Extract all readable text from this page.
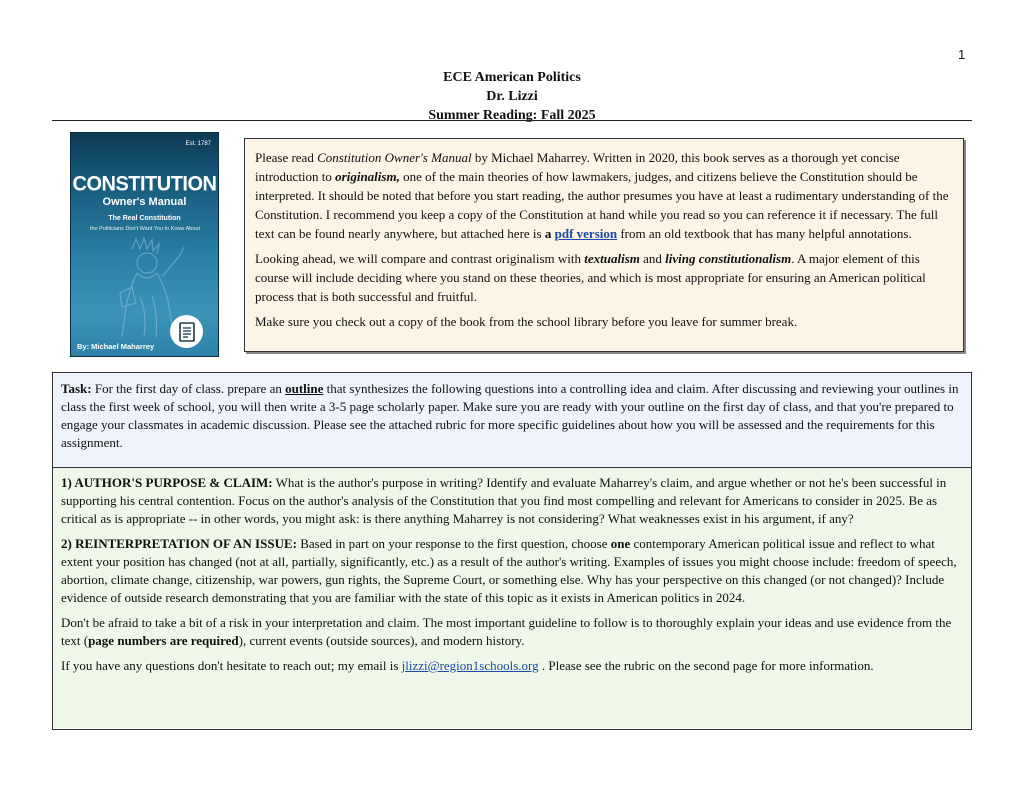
1
ECE American Politics
Dr. Lizzi
Summer Reading: Fall 2025
Est. 1787
CONSTITUTION
Owner's Manual
The Real Constitution
the Politicians Don't Want You to Know About
By: Michael Maharrey

Please read Constitution Owner's Manual by Michael Maharrey. Written in 2020, this book serves as a thorough yet concise introduction to originalism, one of the main theories of how lawmakers, judges, and citizens believe the Constitution should be interpreted. It should be noted that before you start reading, the author presumes you have at least a rudimentary understanding of the Constitution. I recommend you keep a copy of the Constitution at hand while you read so you can reference it if necessary. The full text can be found nearly anywhere, but attached here is a pdf version from an old textbook that has many helpful annotations.

Looking ahead, we will compare and contrast originalism with textualism and living constitutionalism. A major element of this course will include deciding where you stand on these theories, and which is most appropriate for ensuring an American political process that is both successful and fruitful.

Make sure you check out a copy of the book from the school library before you leave for summer break.

Task: For the first day of class. prepare an outline that synthesizes the following questions into a controlling idea and claim. After discussing and reviewing your outlines in class the first week of school, you will then write a 3-5 page scholarly paper. Make sure you are ready with your outline on the first day of class, and that you're prepared to engage your classmates in academic discussion. Please see the attached rubric for more specific guidelines about how you will be assessed and the requirements for this assignment.

1) AUTHOR'S PURPOSE & CLAIM: What is the author's purpose in writing? Identify and evaluate Maharrey's claim, and argue whether or not he's been successful in supporting his central contention. Focus on the author's analysis of the Constitution that you find most compelling and relevant for Americans to consider in 2025. Be as critical as is appropriate -- in other words, you might ask: is there anything Maharrey is not considering? What weaknesses exist in his argument, if any?

2) REINTERPRETATION OF AN ISSUE: Based in part on your response to the first question, choose one contemporary American political issue and reflect to what extent your position has changed (not at all, partially, significantly, etc.) as a result of the author's writing. Examples of issues you might choose include: freedom of speech, abortion, climate change, citizenship, war powers, gun rights, the Supreme Court, or something else. Why has your perspective on this changed (or not changed)? Include evidence of outside research demonstrating that you are familiar with the state of this topic as it exists in American politics in 2024.

Don't be afraid to take a bit of a risk in your interpretation and claim. The most important guideline to follow is to thoroughly explain your ideas and use evidence from the text (page numbers are required), current events (outside sources), and modern history.

If you have any questions don't hesitate to reach out; my email is jlizzi@region1schools.org . Please see the rubric on the second page for more information.
